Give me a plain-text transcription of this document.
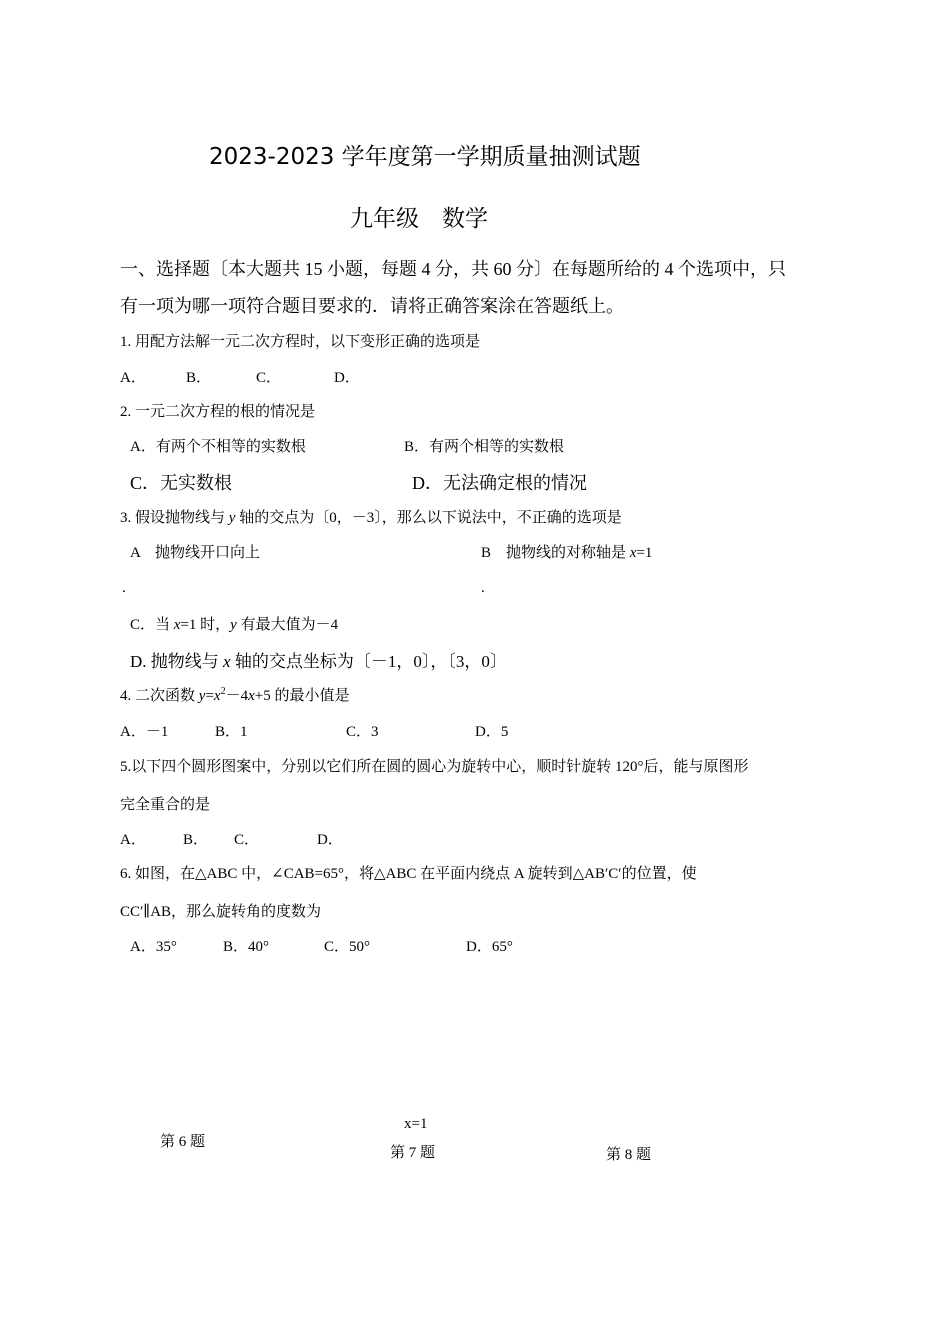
2023-2023 学年度第一学期质量抽测试题
九年级　数学
一、选择题〔本大题共 15 小题，每题 4 分，共 60 分〕在每题所给的 4 个选项中，只
有一项为哪一项符合题目要求的．请将正确答案涂在答题纸上。
1. 用配方法解一元二次方程时，以下变形正确的选项是
A．	B．	C．	D．
2. 一元二次方程的根的情况是
A．有两个不相等的实数根	B．有两个相等的实数根
C．无实数根	D．无法确定根的情况
3. 假设抛物线与 y 轴的交点为〔0，－3〕，那么以下说法中，不正确的选项是
A　抛物线开口向上	B　抛物线的对称轴是 x=1
.	.
C．当 x=1 时，y 有最大值为－4
D. 抛物线与 x 轴的交点坐标为〔－1，0〕，〔3，0〕
4. 二次函数 $y=x^2-4x+5$ 的最小值是
A．－1	B．1	C．3	D．5
5.以下四个圆形图案中，分别以它们所在圆的圆心为旋转中心，顺时针旋转 120°后，能与原图形
完全重合的是
A． B． C．	D．
6. 如图，在△ABC 中，∠CAB=65°，将△ABC 在平面内绕点 A 旋转到△AB′C′的位置，使
CC′∥AB，那么旋转角的度数为
A．35°	B．40°	C．50°	D．65°
x=1
第 6 题
第 7 题	第 8 题
